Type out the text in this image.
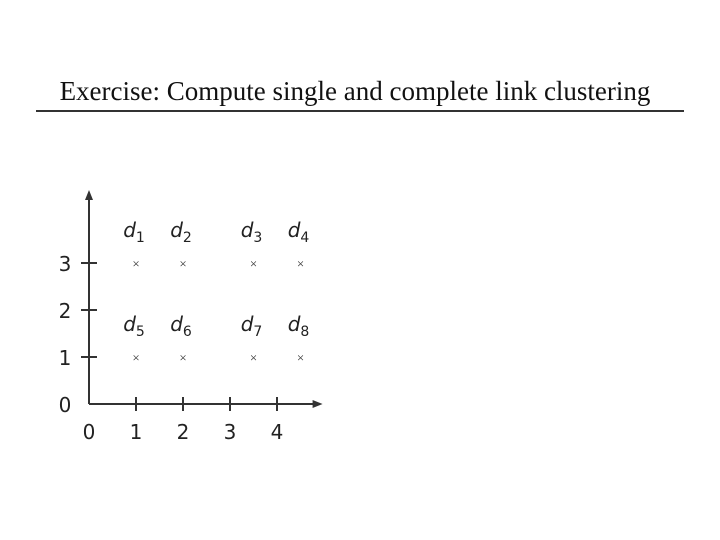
Exercise: Compute single and complete link clustering
0 1 2 3 4
0
1
2
3	×
d1
×
d2
×
d3
×
d4
×
d5
×
d6
×
d7
×
d8
